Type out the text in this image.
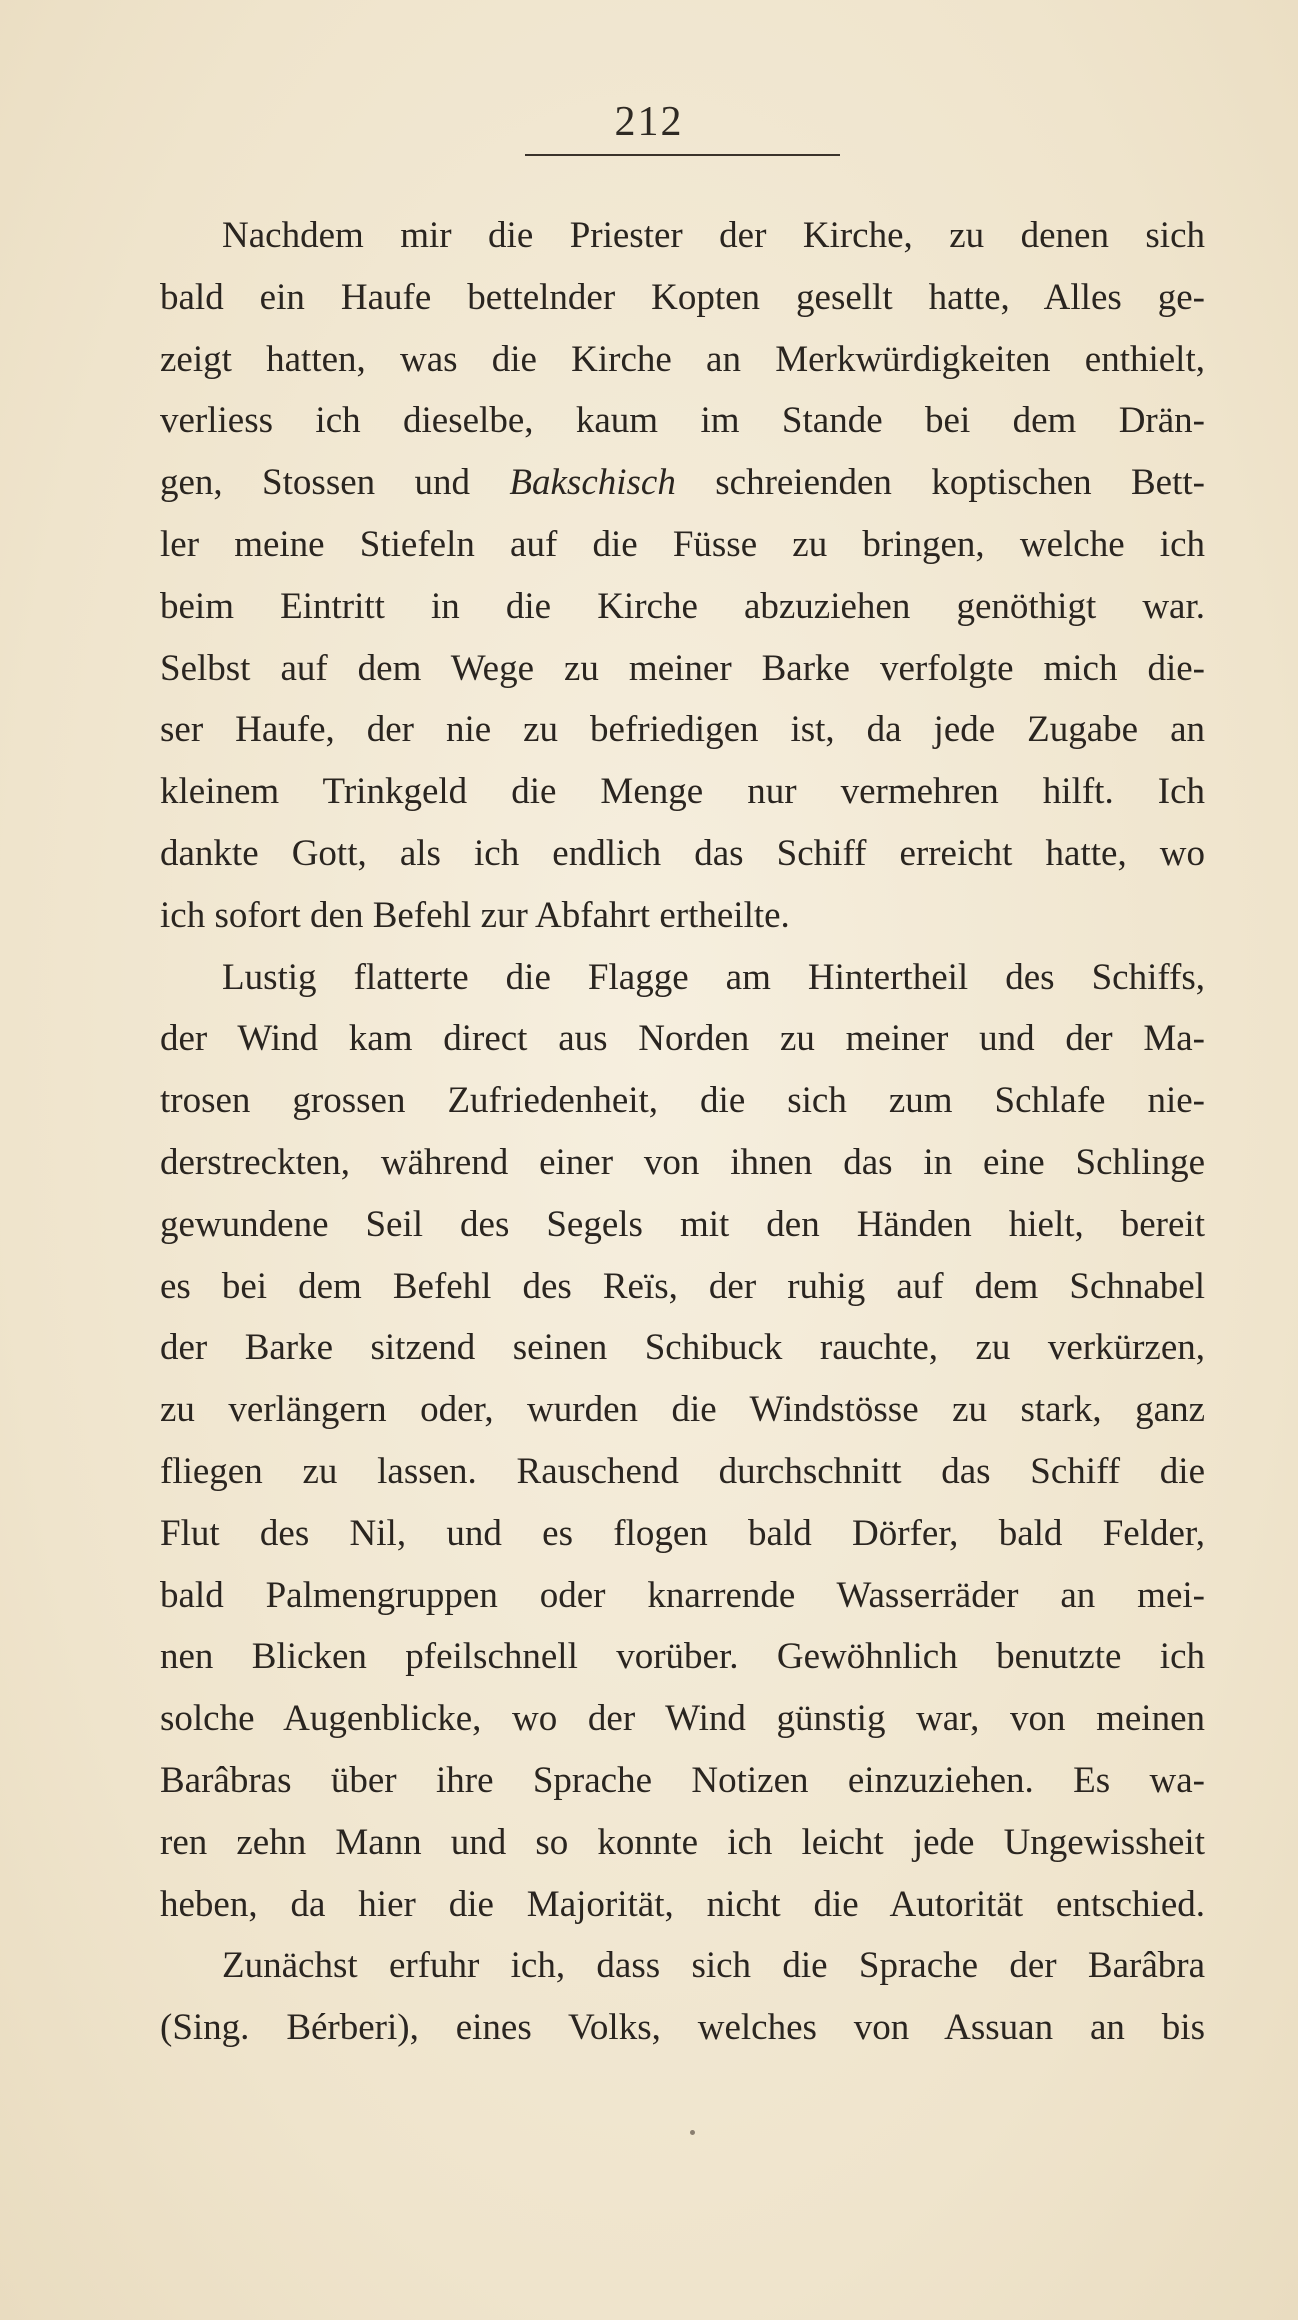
212
Nachdem mir die Priester der Kirche, zu denen sich
bald ein Haufe bettelnder Kopten gesellt hatte, Alles ge-
zeigt hatten, was die Kirche an Merkwürdigkeiten enthielt,
verliess ich dieselbe, kaum im Stande bei dem Drän-
gen, Stossen und Bakschisch schreienden koptischen Bett-
ler meine Stiefeln auf die Füsse zu bringen, welche ich
beim Eintritt in die Kirche abzuziehen genöthigt war.
Selbst auf dem Wege zu meiner Barke verfolgte mich die-
ser Haufe, der nie zu befriedigen ist, da jede Zugabe an
kleinem Trinkgeld die Menge nur vermehren hilft. Ich
dankte Gott, als ich endlich das Schiff erreicht hatte, wo
ich sofort den Befehl zur Abfahrt ertheilte.
Lustig flatterte die Flagge am Hintertheil des Schiffs,
der Wind kam direct aus Norden zu meiner und der Ma-
trosen grossen Zufriedenheit, die sich zum Schlafe nie-
derstreckten, während einer von ihnen das in eine Schlinge
gewundene Seil des Segels mit den Händen hielt, bereit
es bei dem Befehl des Reïs, der ruhig auf dem Schnabel
der Barke sitzend seinen Schibuck rauchte, zu verkürzen,
zu verlängern oder, wurden die Windstösse zu stark, ganz
fliegen zu lassen. Rauschend durchschnitt das Schiff die
Flut des Nil, und es flogen bald Dörfer, bald Felder,
bald Palmengruppen oder knarrende Wasserräder an mei-
nen Blicken pfeilschnell vorüber. Gewöhnlich benutzte ich
solche Augenblicke, wo der Wind günstig war, von meinen
Barâbras über ihre Sprache Notizen einzuziehen. Es wa-
ren zehn Mann und so konnte ich leicht jede Ungewissheit
heben, da hier die Majorität, nicht die Autorität entschied.
Zunächst erfuhr ich, dass sich die Sprache der Barâbra
(Sing. Bérberi), eines Volks, welches von Assuan an bis
